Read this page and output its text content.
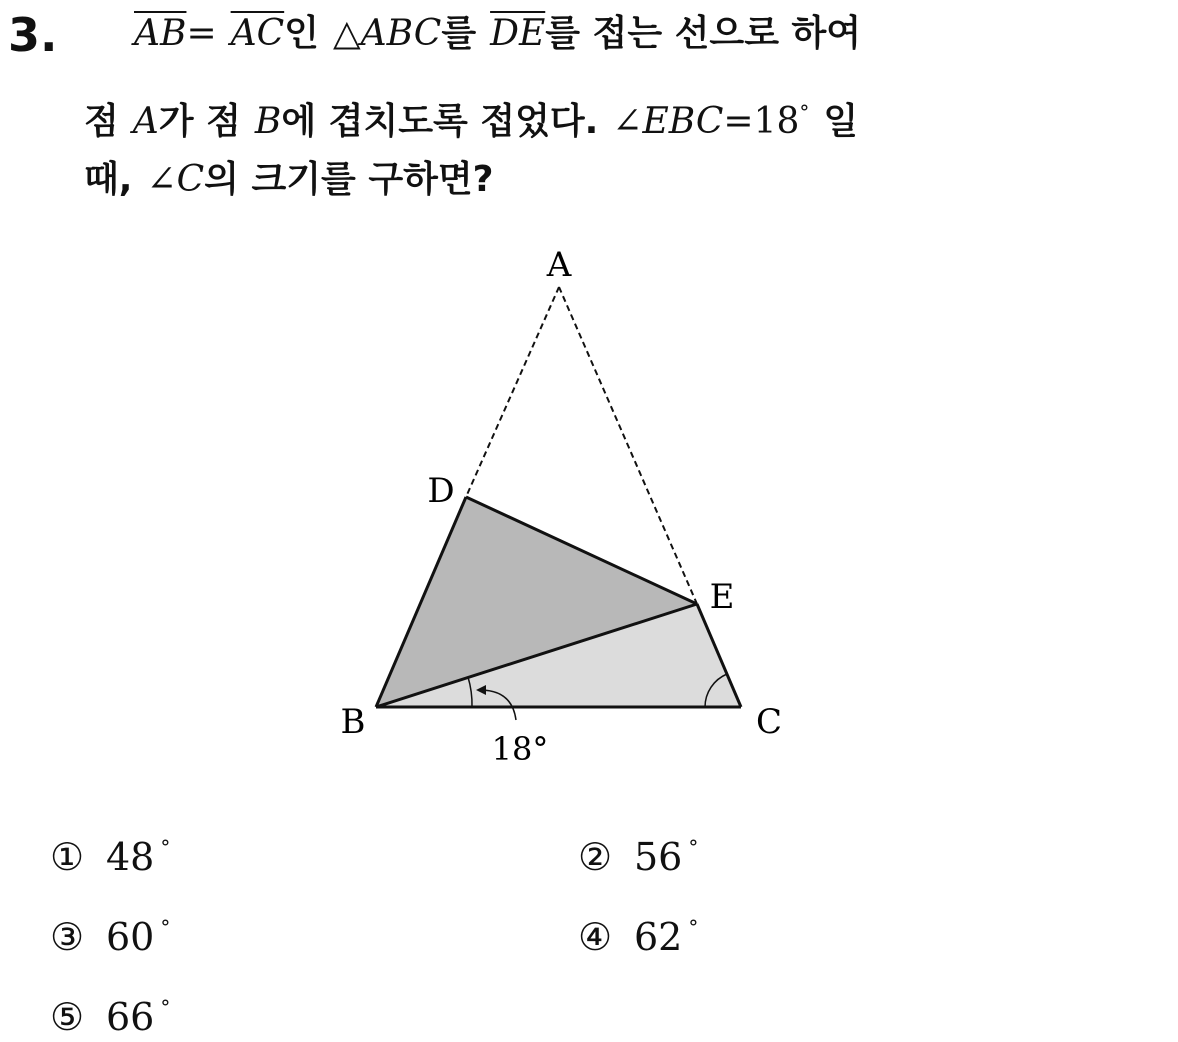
3. $\overline{AB}= \overline{AC}$인 △ABC를 $\overline{DE}$를 접는 선으로 하여
점 A가 점 B에 겹치도록 접었다. ∠EBC=18° 일
때, ∠C의 크기를 구하면?
A
D
E
B	C
18°
① 48 °	② 56 °
③ 60 °	④ 62 °
⑤ 66 °
